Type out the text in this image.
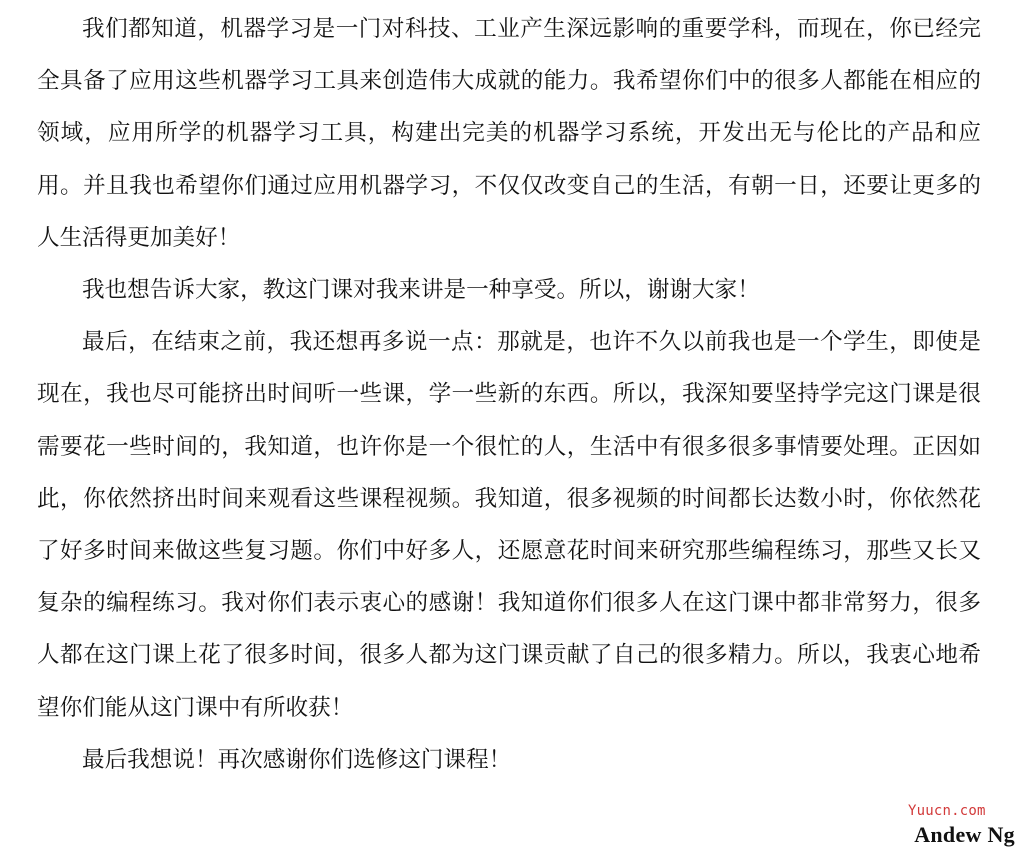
我们都知道，机器学习是一门对科技、工业产生深远影响的重要学科，而现在，你已经完全具备了应用这些机器学习工具来创造伟大成就的能力。我希望你们中的很多人都能在相应的领域，应用所学的机器学习工具，构建出完美的机器学习系统，开发出无与伦比的产品和应用。并且我也希望你们通过应用机器学习，不仅仅改变自己的生活，有朝一日，还要让更多的人生活得更加美好！

我也想告诉大家，教这门课对我来讲是一种享受。所以，谢谢大家！

最后，在结束之前，我还想再多说一点：那就是，也许不久以前我也是一个学生，即使是现在，我也尽可能挤出时间听一些课，学一些新的东西。所以，我深知要坚持学完这门课是很需要花一些时间的，我知道，也许你是一个很忙的人，生活中有很多很多事情要处理。正因如此，你依然挤出时间来观看这些课程视频。我知道，很多视频的时间都长达数小时，你依然花了好多时间来做这些复习题。你们中好多人，还愿意花时间来研究那些编程练习，那些又长又复杂的编程练习。我对你们表示衷心的感谢！我知道你们很多人在这门课中都非常努力，很多人都在这门课上花了很多时间，很多人都为这门课贡献了自己的很多精力。所以，我衷心地希望你们能从这门课中有所收获！

最后我想说！再次感谢你们选修这门课程！

Yuucn.com
Andew Ng
